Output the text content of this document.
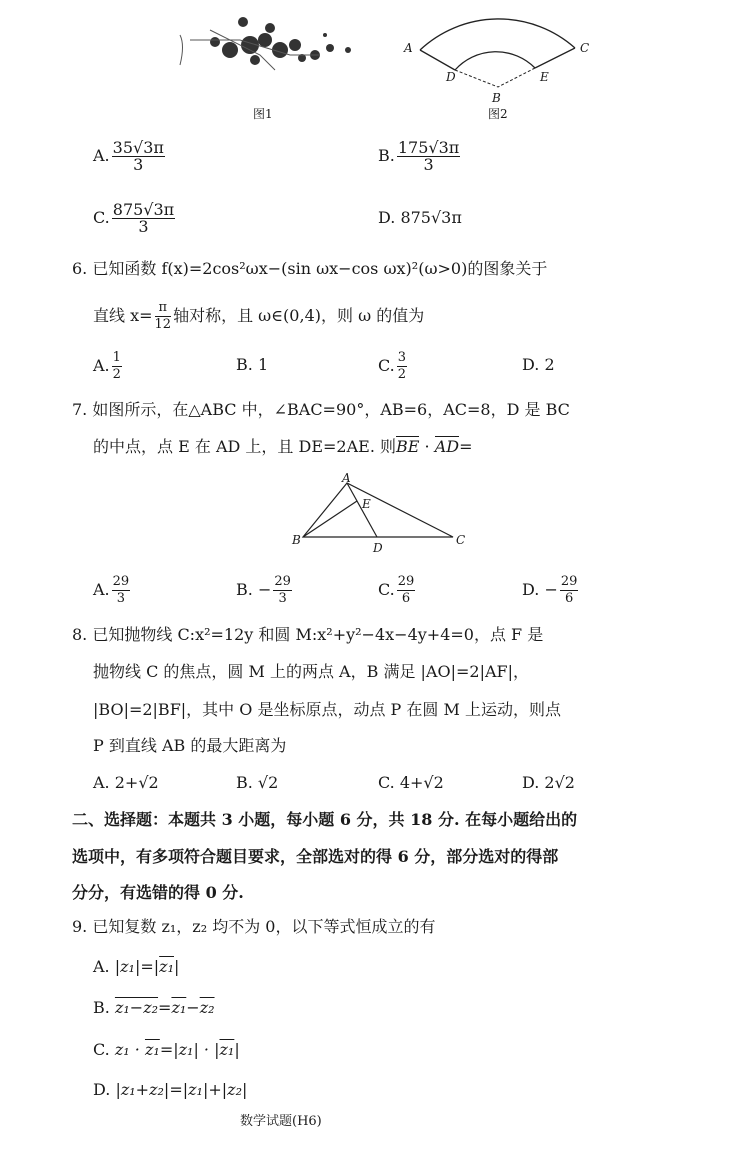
图1
A	C
D	E
B
图2
A. $\frac{35√3\pi}{3}$	B. $\frac{175√3\pi}{3}$
C. $\frac{875√3\pi}{3}$	D. 875√3π
6. 已知函数 f(x)=2cos²ωx−(sin ωx−cos ωx)²(ω>0)的图象关于
直线 $x= \frac{\pi}{12}$ 轴对称，且 ω∈(0,4)，则 ω 的值为
A. $\frac{1}{2}$	B. 1	C. $\frac{3}{2}$	D. 2
7. 如图所示，在△ABC 中，∠BAC=90°，AB=6，AC=8，D 是 BC
的中点，点 E 在 AD 上，且 DE=2AE. 则BE · AD=
A
E
B
D
C
A. $\frac{29}{3}$	B. − $\frac{29}{3}$	C. $\frac{29}{6}$	D. − $\frac{29}{6}$
8. 已知抛物线 C:x²=12y 和圆 M:x²+y²−4x−4y+4=0，点 F 是
抛物线 C 的焦点，圆 M 上的两点 A，B 满足 |AO|=2|AF|，
|BO|=2|BF|，其中 O 是坐标原点，动点 P 在圆 M 上运动，则点
P 到直线 AB 的最大距离为
A. 2+√2	B. √2	C. 4+√2	D. 2√2
二、选择题：本题共 3 小题，每小题 6 分，共 18 分. 在每小题给出的
选项中，有多项符合题目要求，全部选对的得 6 分，部分选对的得部
分分，有选错的得 0 分.
9. 已知复数 z₁，z₂ 均不为 0，以下等式恒成立的有
A. |z₁|=|z₁|
B. z₁−z₂=z₁−z₂
C. z₁ · z₁=|z₁| · |z₁|
D. |z₁+z₂|=|z₁|+|z₂|
数学试题(H6)
